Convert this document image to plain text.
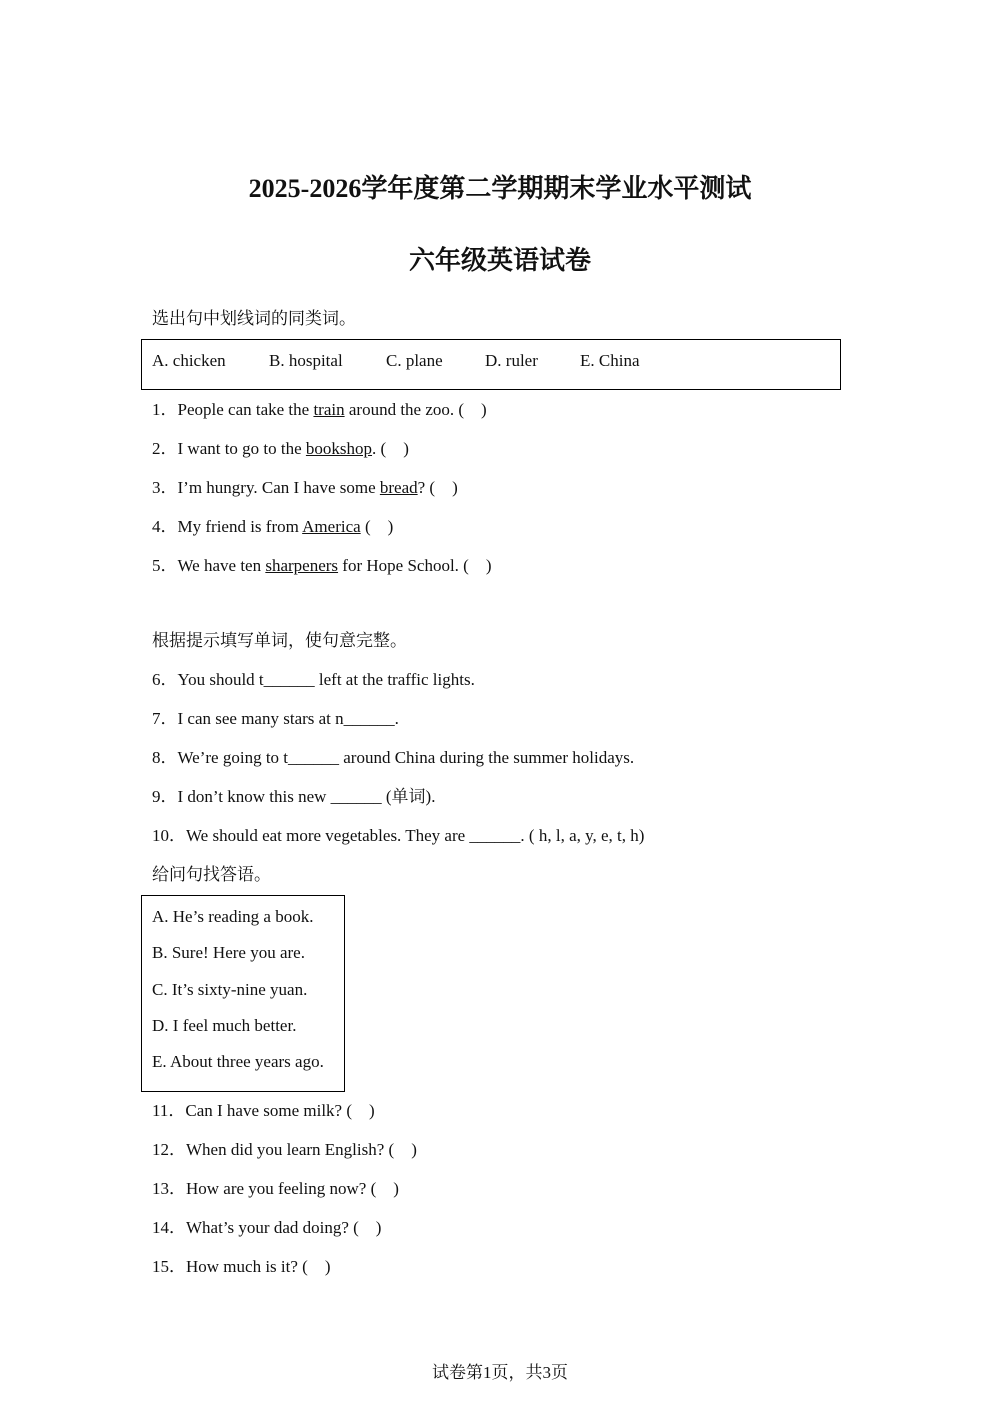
2025-2026学年度第二学期期末学业水平测试
六年级英语试卷
选出句中划线词的同类词。
A. chicken	B. hospital	C. plane D. ruler E. China
1．People can take the train around the zoo. (    )
2．I want to go to the bookshop. (    )
3．I’m hungry. Can I have some bread? (    )
4．My friend is from America (    )
5．We have ten sharpeners for Hope School. (    )
根据提示填写单词，使句意完整。
6．You should t______ left at the traffic lights.
7．I can see many stars at n______.
8．We’re going to t______ around China during the summer holidays.
9．I don’t know this new ______ (单词).
10．We should eat more vegetables. They are ______. ( h, l, a, y, e, t, h)
给问句找答语。
A. He’s reading a book.
B. Sure! Here you are.
C. It’s sixty-nine yuan.
D. I feel much better.
E. About three years ago.
11．Can I have some milk? (    )
12．When did you learn English? (    )
13．How are you feeling now? (    )
14．What’s your dad doing? (    )
15．How much is it? (    )
试卷第1页，共3页
